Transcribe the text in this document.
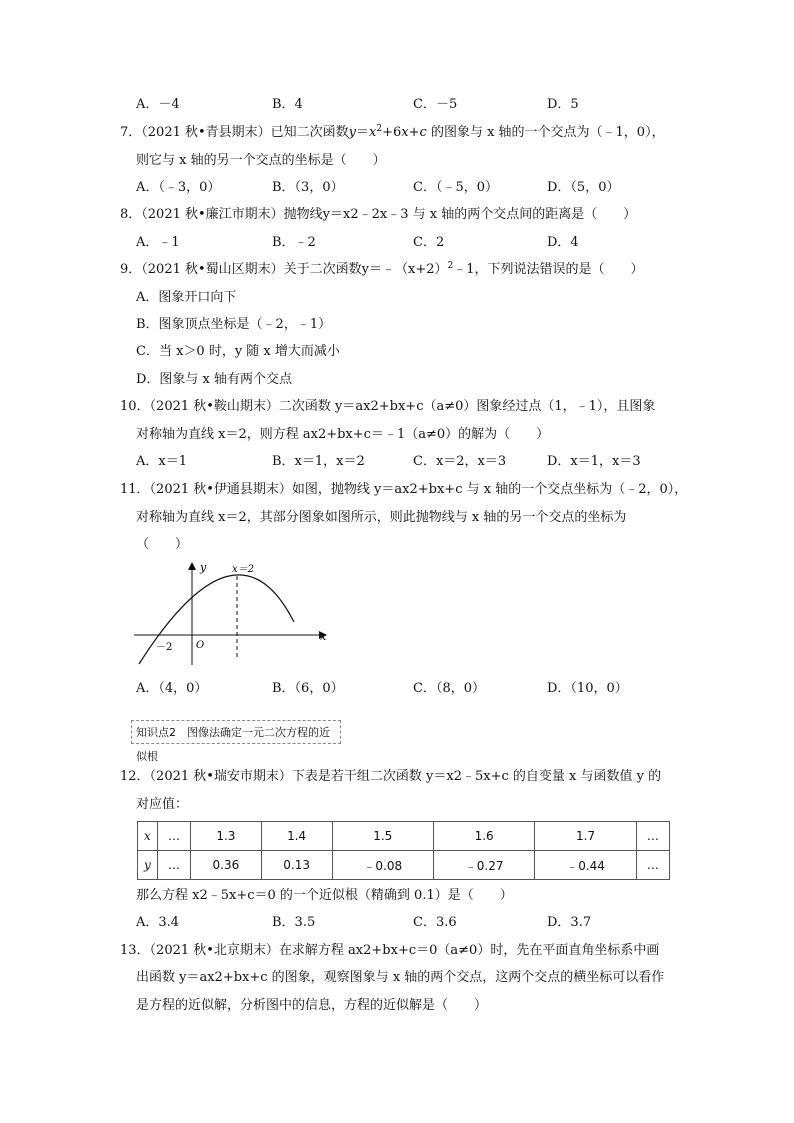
A．－4	B．4	C．－5	D．5
7．（2021 秋•青县期末）已知二次函数$y=x^2+6x+c$ 的图象与 x 轴的一个交点为（﹣1，0），
则它与 x 轴的另一个交点的坐标是（　　）
A．（﹣3，0）	B．（3，0）	C．（﹣5，0）	D．（5，0）
8．（2021 秋•廉江市期末）抛物线y＝x2﹣2x﹣3 与 x 轴的两个交点间的距离是（　　）
A．﹣1	B．﹣2	C．2	D．4
9．（2021 秋•蜀山区期末）关于二次函数$y=﹣(x+2)^2﹣1$，下列说法错误的是（　　）
A．图象开口向下
B．图象顶点坐标是（﹣2，﹣1）
C．当 x＞0 时，y 随 x 增大而减小
D．图象与 x 轴有两个交点
10．（2021 秋•鞍山期末）二次函数 y＝ax2+bx+c（a≠0）图象经过点（1，﹣1），且图象
对称轴为直线 x＝2，则方程 ax2+bx+c＝﹣1（a≠0）的解为（　　）
A．x＝1	B．x＝1，x＝2	C．x＝2，x＝3	D．x＝1，x＝3
11．（2021 秋•伊通县期末）如图，抛物线 y＝ax2+bx+c 与 x 轴的一个交点坐标为（﹣2，0），
对称轴为直线 x＝2，其部分图象如图所示，则此抛物线与 x 轴的另一个交点的坐标为
（　　）
y
x
x＝2
O
－2
A．（4，0）	B．（6，0）	C．（8，0）	D．（10，0）
知识点2　图像法确定一元二次方程的近似根
12．（2021 秋•瑞安市期末）下表是若干组二次函数 y＝x2﹣5x+c 的自变量 x 与函数值 y 的
对应值：
x	…	1.3	1.4	1.5	1.6	1.7	…
y	…	0.36	0.13	﹣0.08	﹣0.27	﹣0.44	…
那么方程 x2﹣5x+c＝0 的一个近似根（精确到 0.1）是（　　）
A．3.4	B．3.5	C．3.6	D．3.7
13．（2021 秋•北京期末）在求解方程 ax2+bx+c＝0（a≠0）时，先在平面直角坐标系中画
出函数 y＝ax2+bx+c 的图象，观察图象与 x 轴的两个交点，这两个交点的横坐标可以看作
是方程的近似解，分析图中的信息，方程的近似解是（　　）
